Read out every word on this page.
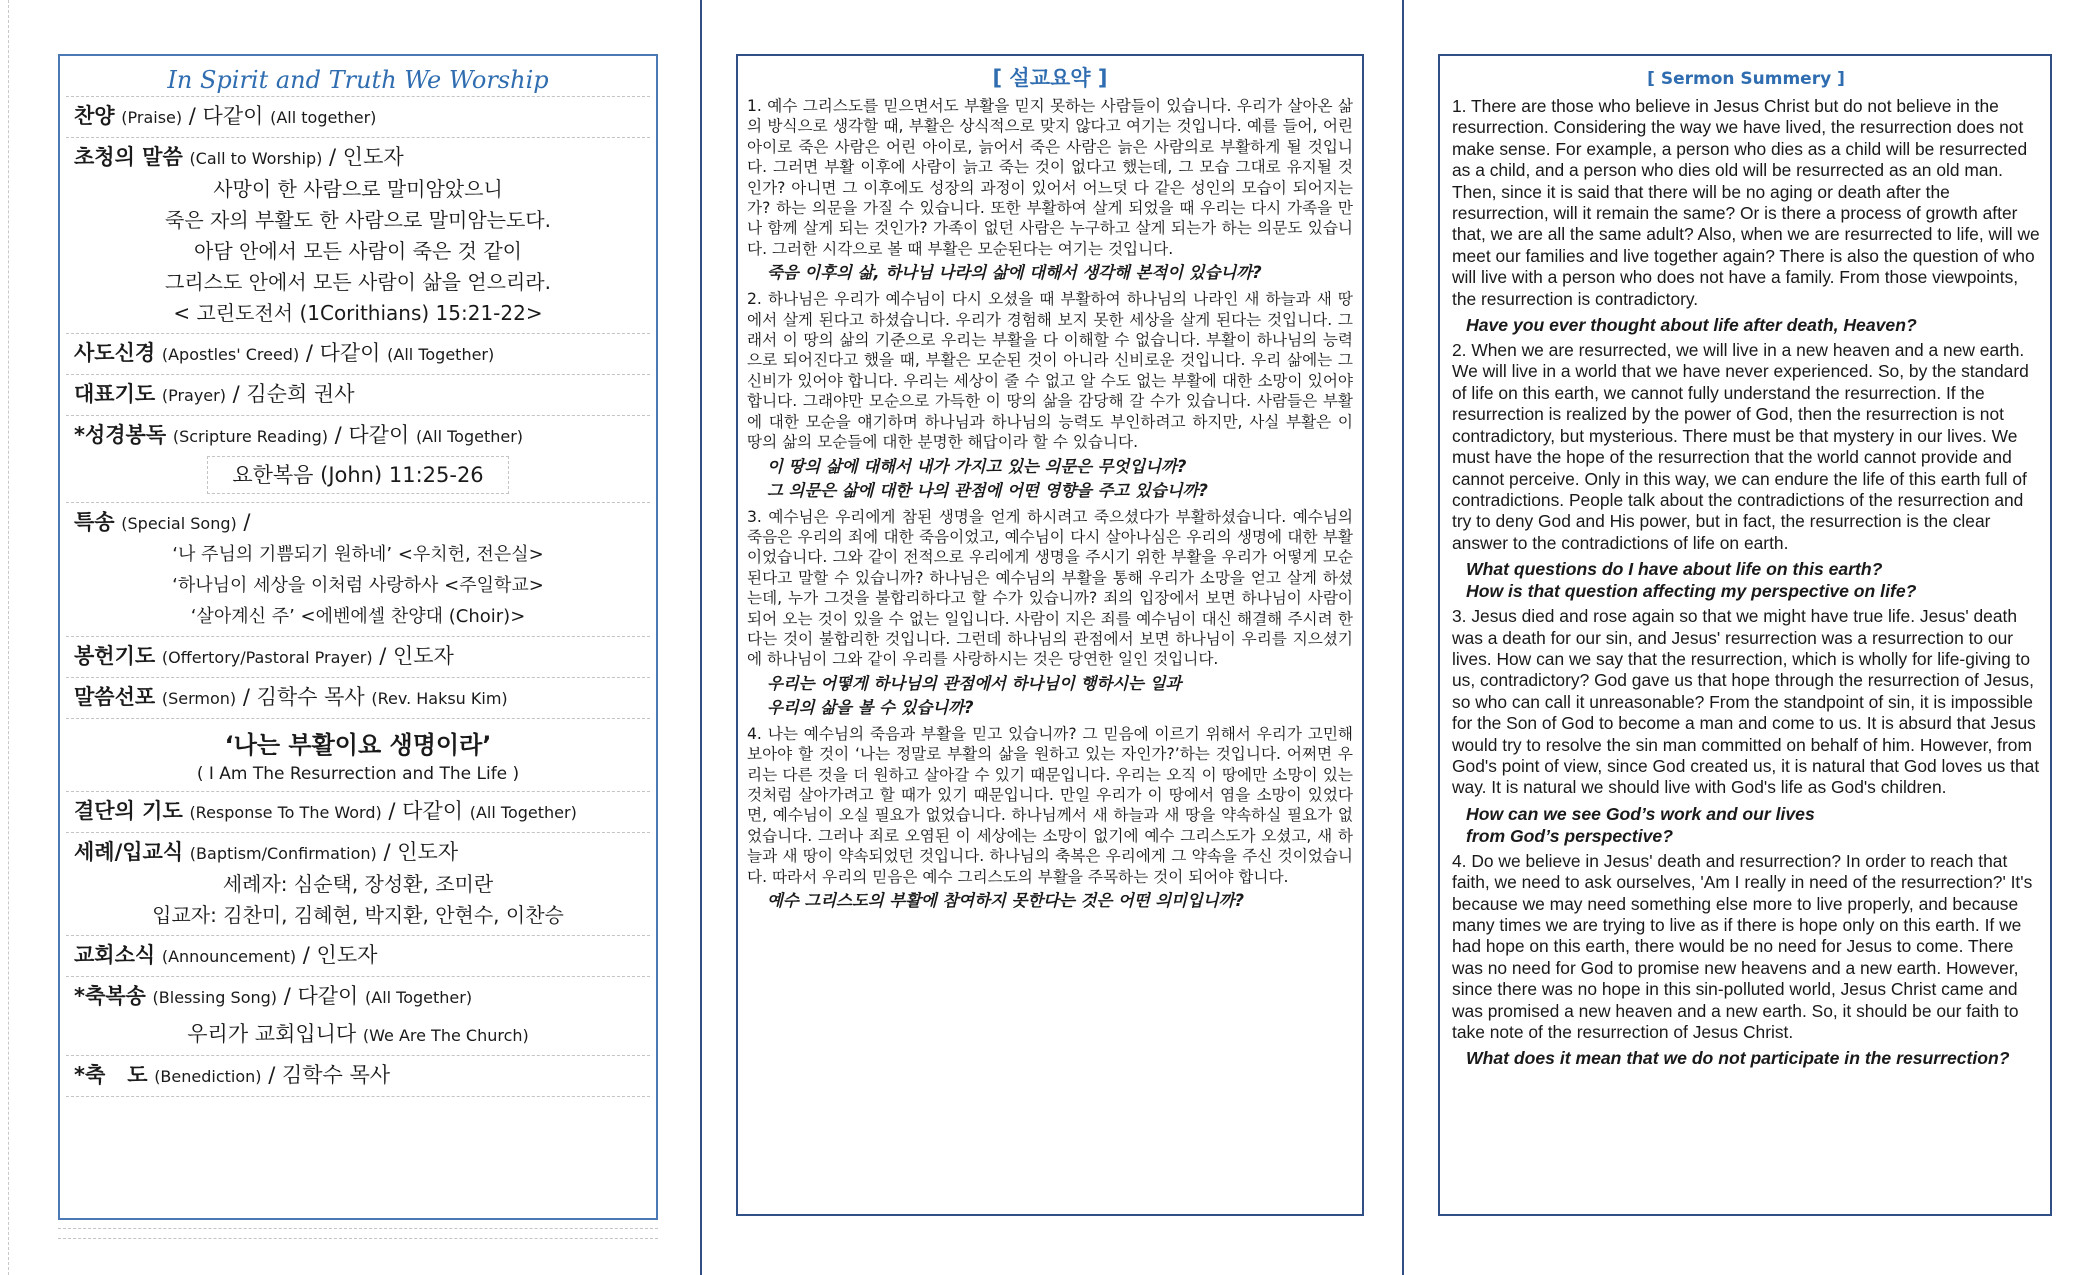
In Spirit and Truth We Worship
찬양 (Praise) / 다같이 (All together)
초청의 말씀 (Call to Worship) / 인도자
사망이 한 사람으로 말미암았으니
죽은 자의 부활도 한 사람으로 말미암는도다.
아담 안에서 모든 사람이 죽은 것 같이
그리스도 안에서 모든 사람이 삶을 얻으리라.
< 고린도전서 (1Corithians) 15:21-22>
사도신경 (Apostles' Creed) / 다같이 (All Together)
대표기도 (Prayer) / 김순희 권사
*성경봉독 (Scripture Reading) / 다같이 (All Together)
요한복음 (John) 11:25-26
특송 (Special Song) /
‘나 주님의 기쁨되기 원하네’ <우치헌, 전은실>
‘하나님이 세상을 이처럼 사랑하사 <주일학교>
‘살아계신 주’ <에벤에셀 찬양대 (Choir)>
봉헌기도 (Offertory/Pastoral Prayer) / 인도자
말씀선포 (Sermon) / 김학수 목사 (Rev. Haksu Kim)
‘나는 부활이요 생명이라’
( I Am The Resurrection and The Life )
결단의 기도 (Response To The Word) / 다같이 (All Together)
세례/입교식 (Baptism/Confirmation) / 인도자
세례자: 심순택, 장성환, 조미란
입교자: 김찬미, 김혜현, 박지환, 안현수, 이찬승
교회소식 (Announcement) / 인도자
*축복송 (Blessing Song) / 다같이 (All Together)
우리가 교회입니다 (We Are The Church)
*축   도 (Benediction) / 김학수 목사
[ 설교요약 ]

1. 예수 그리스도를 믿으면서도 부활을 믿지 못하는 사람들이 있습니다. 우리가 살아온 삶의 방식으로 생각할 때, 부활은 상식적으로 맞지 않다고 여기는 것입니다. 예를 들어, 어린 아이로 죽은 사람은 어린 아이로, 늙어서 죽은 사람은 늙은 사람의로 부활하게 될 것입니다. 그러면 부활 이후에 사람이 늙고 죽는 것이 없다고 했는데, 그 모습 그대로 유지될 것인가? 아니면 그 이후에도 성장의 과정이 있어서 어느덧 다 같은 성인의 모습이 되어지는가? 하는 의문을 가질 수 있습니다. 또한 부활하여 살게 되었을 때 우리는 다시 가족을 만나 함께 살게 되는 것인가? 가족이 없던 사람은 누구하고 살게 되는가 하는 의문도 있습니다. 그러한 시각으로 볼 때 부활은 모순된다는 여기는 것입니다.

죽음 이후의 삶, 하나님 나라의 삶에 대해서 생각해 본적이 있습니까?

2. 하나님은 우리가 예수님이 다시 오셨을 때 부활하여 하나님의 나라인 새 하늘과 새 땅에서 살게 된다고 하셨습니다. 우리가 경험해 보지 못한 세상을 살게 된다는 것입니다. 그래서 이 땅의 삶의 기준으로 우리는 부활을 다 이해할 수 없습니다. 부활이 하나님의 능력으로 되어진다고 했을 때, 부활은 모순된 것이 아니라 신비로운 것입니다. 우리 삶에는 그 신비가 있어야 합니다. 우리는 세상이 줄 수 없고 알 수도 없는 부활에 대한 소망이 있어야 합니다. 그래야만 모순으로 가득한 이 땅의 삶을 감당해 갈 수가 있습니다. 사람들은 부활에 대한 모순을 얘기하며 하나님과 하나님의 능력도 부인하려고 하지만, 사실 부활은 이 땅의 삶의 모순들에 대한 분명한 해답이라 할 수 있습니다.

이 땅의 삶에 대해서 내가 가지고 있는 의문은 무엇입니까?
그 의문은 삶에 대한 나의 관점에 어떤 영향을 주고 있습니까?

3. 예수님은 우리에게 참된 생명을 얻게 하시려고 죽으셨다가 부활하셨습니다. 예수님의 죽음은 우리의 죄에 대한 죽음이었고, 예수님이 다시 살아나심은 우리의 생명에 대한 부활이었습니다. 그와 같이 전적으로 우리에게 생명을 주시기 위한 부활을 우리가 어떻게 모순된다고 말할 수 있습니까? 하나님은 예수님의 부활을 통해 우리가 소망을 얻고 살게 하셨는데, 누가 그것을 불합리하다고 할 수가 있습니까? 죄의 입장에서 보면 하나님이 사람이 되어 오는 것이 있을 수 없는 일입니다. 사람이 지은 죄를 예수님이 대신 해결해 주시려 한다는 것이 불합리한 것입니다. 그런데 하나님의 관점에서 보면 하나님이 우리를 지으셨기에 하나님이 그와 같이 우리를 사랑하시는 것은 당연한 일인 것입니다.

우리는 어떻게 하나님의 관점에서 하나님이 행하시는 일과
우리의 삶을 볼 수 있습니까?

4. 나는 예수님의 죽음과 부활을 믿고 있습니까? 그 믿음에 이르기 위해서 우리가 고민해 보아야 할 것이 ‘나는 정말로 부활의 삶을 원하고 있는 자인가?’하는 것입니다. 어쩌면 우리는 다른 것을 더 원하고 살아갈 수 있기 때문입니다. 우리는 오직 이 땅에만 소망이 있는 것처럼 살아가려고 할 때가 있기 때문입니다. 만일 우리가 이 땅에서 염을 소망이 있었다면, 예수님이 오실 필요가 없었습니다. 하나님께서 새 하늘과 새 땅을 약속하실 필요가 없었습니다. 그러나 죄로 오염된 이 세상에는 소망이 없기에 예수 그리스도가 오셨고, 새 하늘과 새 땅이 약속되었던 것입니다. 하나님의 축복은 우리에게 그 약속을 주신 것이었습니다. 따라서 우리의 믿음은 예수 그리스도의 부활을 주목하는 것이 되어야 합니다.

예수 그리스도의 부활에 참여하지 못한다는 것은 어떤 의미입니까?
[ Sermon Summery ]

1. There are those who believe in Jesus Christ but do not believe in the resurrection. Considering the way we have lived, the resurrection does not make sense. For example, a person who dies as a child will be resurrected as a child, and a person who dies old will be resurrected as an old man. Then, since it is said that there will be no aging or death after the resurrection, will it remain the same? Or is there a process of growth after that, we are all the same adult? Also, when we are resurrected to life, will we meet our families and live together again? There is also the question of who will live with a person who does not have a family. From those viewpoints, the resurrection is contradictory.

Have you ever thought about life after death, Heaven?

2. When we are resurrected, we will live in a new heaven and a new earth. We will live in a world that we have never experienced. So, by the standard of life on this earth, we cannot fully understand the resurrection. If the resurrection is realized by the power of God, then the resurrection is not contradictory, but mysterious. There must be that mystery in our lives. We must have the hope of the resurrection that the world cannot provide and cannot perceive. Only in this way, we can endure the life of this earth full of contradictions. People talk about the contradictions of the resurrection and try to deny God and His power, but in fact, the resurrection is the clear answer to the contradictions of life on earth.

What questions do I have about life on this earth?
How is that question affecting my perspective on life?

3. Jesus died and rose again so that we might have true life. Jesus' death was a death for our sin, and Jesus' resurrection was a resurrection to our lives. How can we say that the resurrection, which is wholly for life-giving to us, contradictory? God gave us that hope through the resurrection of Jesus, so who can call it unreasonable? From the standpoint of sin, it is impossible for the Son of God to become a man and come to us. It is absurd that Jesus would try to resolve the sin man committed on behalf of him. However, from God's point of view, since God created us, it is natural that God loves us that way. It is natural we should live with God's life as God's children.

How can we see God’s work and our lives
from God’s perspective?

4. Do we believe in Jesus' death and resurrection? In order to reach that faith, we need to ask ourselves, 'Am I really in need of the resurrection?' It's because we may need something else more to live properly, and because many times we are trying to live as if there is hope only on this earth. If we had hope on this earth, there would be no need for Jesus to come. There was no need for God to promise new heavens and a new earth. However, since there was no hope in this sin-polluted world, Jesus Christ came and was promised a new heaven and a new earth. So, it should be our faith to take note of the resurrection of Jesus Christ.

What does it mean that we do not participate in the resurrection?
